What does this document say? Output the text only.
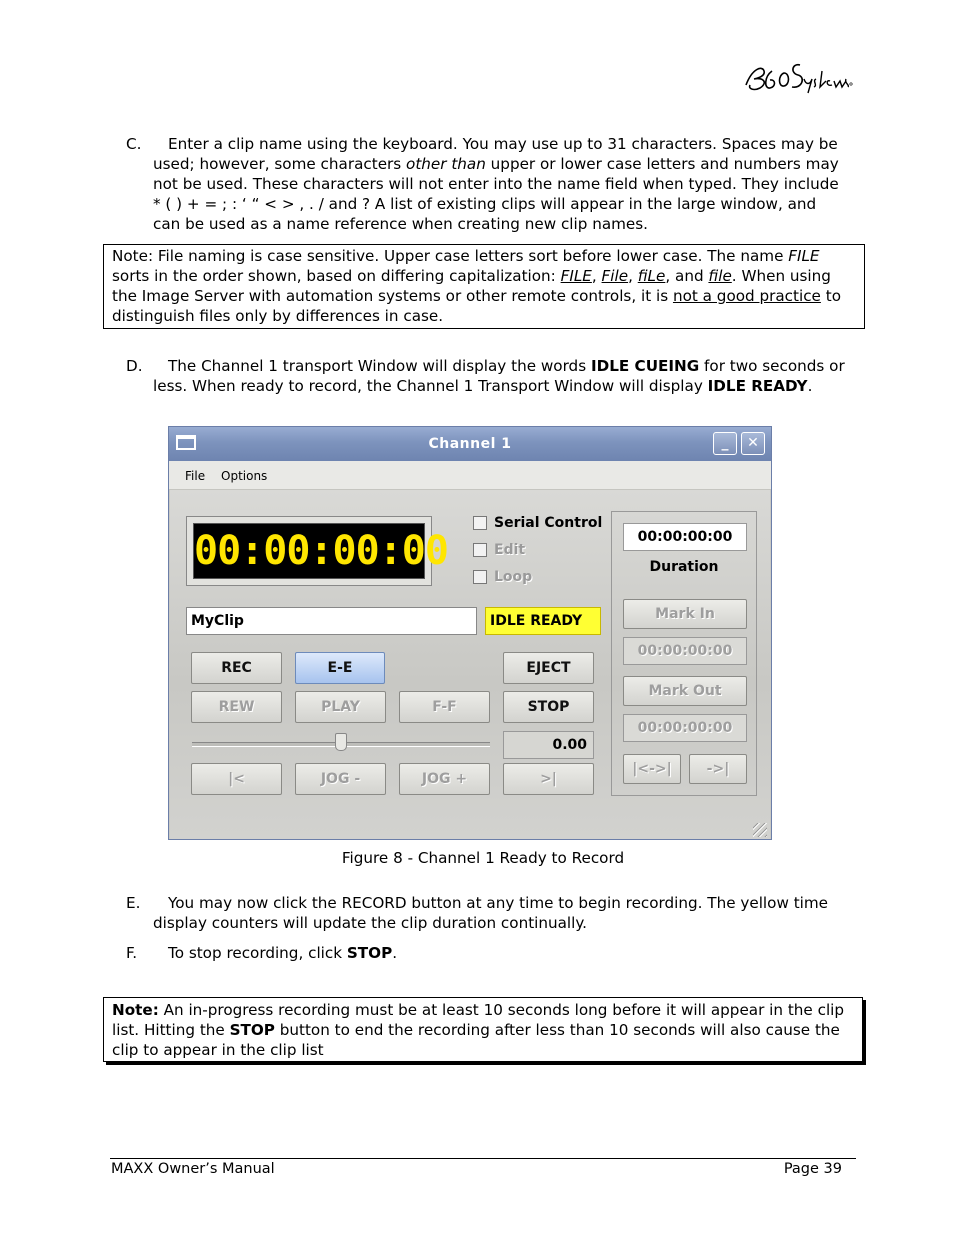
C.	Enter a clip name using the keyboard. You may use up to 31 characters. Spaces may be used; however, some characters other than upper or lower case letters and numbers may not be used. These characters will not enter into the name field when typed. They include * ( ) + = ; : ‘ “ < > , . / and ? A list of existing clips will appear in the large window, and can be used as a name reference when creating new clip names.
Note: File naming is case sensitive. Upper case letters sort before lower case. The name FILE sorts in the order shown, based on differing capitalization: FILE, File, fiLe, and file. When using the Image Server with automation systems or other remote controls, it is not a good practice to distinguish files only by differences in case.
D.	The Channel 1 transport Window will display the words IDLE CUEING for two seconds or less. When ready to record, the Channel 1 Transport Window will display IDLE READY.
Channel 1	_	✕
File Options
00:00:00:00
Serial Control
Edit
Loop
MyClip	IDLE READY
REC	E-E	EJECT
REW	PLAY	F-F	STOP
0.00
|<	JOG -	JOG +	>|
00:00:00:00
Duration
Mark In
00:00:00:00
Mark Out
00:00:00:00
|<->|	->|
Figure 8 - Channel 1 Ready to Record
E.	You may now click the RECORD button at any time to begin recording. The yellow time display counters will update the clip duration continually.
F.	To stop recording, click STOP.
Note: An in-progress recording must be at least 10 seconds long before it will appear in the clip list. Hitting the STOP button to end the recording after less than 10 seconds will also cause the clip to appear in the clip list
MAXX Owner’s Manual	Page 39
